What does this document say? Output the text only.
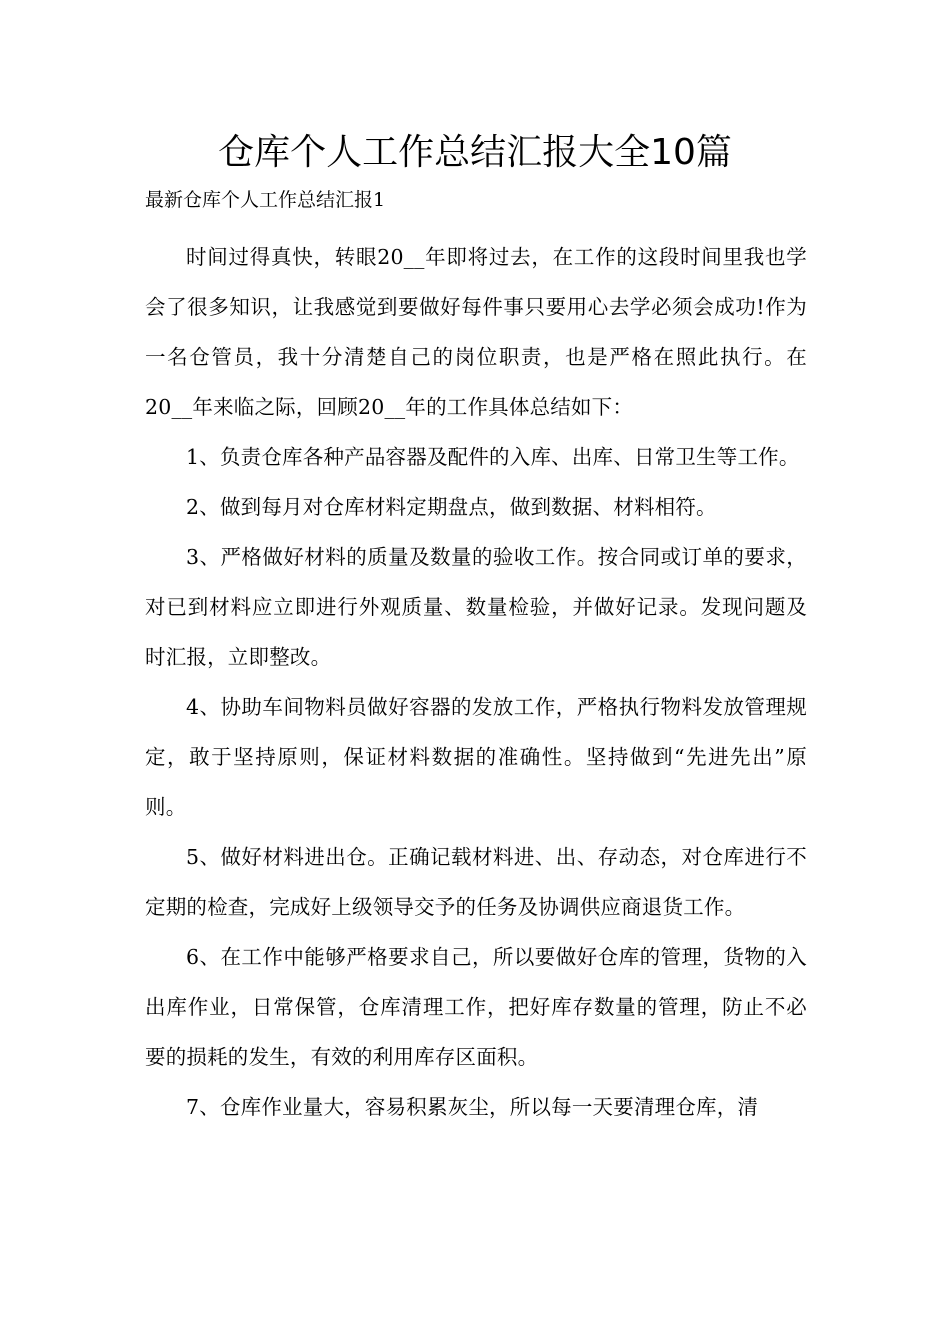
仓库个人工作总结汇报大全10篇

最新仓库个人工作总结汇报1

时间过得真快，转眼20__年即将过去，在工作的这段时间里我也学会了很多知识，让我感觉到要做好每件事只要用心去学必须会成功!作为一名仓管员，我十分清楚自己的岗位职责，也是严格在照此执行。在20__年来临之际，回顾20__年的工作具体总结如下：

1、负责仓库各种产品容器及配件的入库、出库、日常卫生等工作。

2、做到每月对仓库材料定期盘点，做到数据、材料相符。

3、严格做好材料的质量及数量的验收工作。按合同或订单的要求，对已到材料应立即进行外观质量、数量检验，并做好记录。发现问题及时汇报，立即整改。

4、协助车间物料员做好容器的发放工作，严格执行物料发放管理规定，敢于坚持原则，保证材料数据的准确性。坚持做到“先进先出”原则。

5、做好材料进出仓。正确记载材料进、出、存动态，对仓库进行不定期的检查，完成好上级领导交予的任务及协调供应商退货工作。

6、在工作中能够严格要求自己，所以要做好仓库的管理，货物的入出库作业，日常保管，仓库清理工作，把好库存数量的管理，防止不必要的损耗的发生，有效的利用库存区面积。

7、仓库作业量大，容易积累灰尘，所以每一天要清理仓库，清
